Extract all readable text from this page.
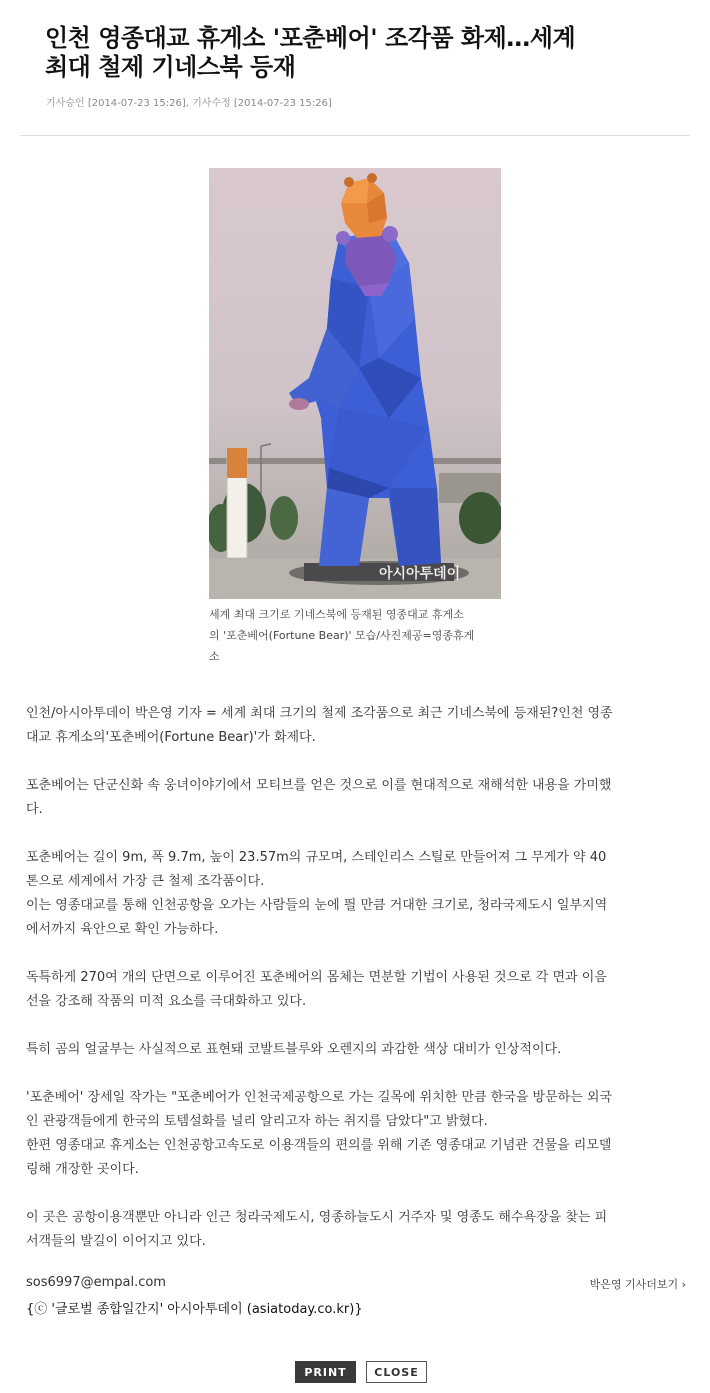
인천 영종대교 휴게소 '포춘베어' 조각품 화제…세계
최대 철제 기네스북 등재
기사승인 [2014-07-23 15:26], 기사수정 [2014-07-23 15:26]
아시아투데이
세계 최대 크기로 기네스북에 등재된 영종대교 휴게소
의 '포춘베어(Fortune Bear)' 모습/사진제공=영종휴게
소
인천/아시아투데이 박은영 기자 = 세계 최대 크기의 철제 조각품으로 최근 기네스북에 등재된?인천 영종
대교 휴게소의'포춘베어(Fortune Bear)'가 화제다.
포춘베어는 단군신화 속 웅녀이야기에서 모티브를 얻은 것으로 이를 현대적으로 재해석한 내용을 가미했
다.
포춘베어는 길이 9m, 폭 9.7m, 높이 23.57m의 규모며, 스테인리스 스틸로 만들어져 그 무게가 약 40
톤으로 세계에서 가장 큰 철제 조각품이다.
이는 영종대교를 통해 인천공항을 오가는 사람들의 눈에 띌 만큼 거대한 크기로, 청라국제도시 일부지역
에서까지 육안으로 확인 가능하다.
독특하게 270여 개의 단면으로 이루어진 포춘베어의 몸체는 면분할 기법이 사용된 것으로 각 면과 이음
선을 강조해 작품의 미적 요소를 극대화하고 있다.
특히 곰의 얼굴부는 사실적으로 표현돼 코발트블루와 오렌지의 과감한 색상 대비가 인상적이다.
'포춘베어' 장세일 작가는 "포춘베어가 인천국제공항으로 가는 길목에 위치한 만큼 한국을 방문하는 외국
인 관광객들에게 한국의 토템설화를 널리 알리고자 하는 취지를 담았다"고 밝혔다.
한편 영종대교 휴게소는 인천공항고속도로 이용객들의 편의를 위해 기존 영종대교 기념관 건물을 리모델
링해 개장한 곳이다.
이 곳은 공항이용객뿐만 아니라 인근 청라국제도시, 영종하늘도시 거주자 및 영종도 해수욕장을 찾는 피
서객들의 발길이 이어지고 있다.
sos6997@empal.com	박은영 기사더보기 ›
{ⓒ '글로벌 종합일간지' 아시아투데이 (asiatoday.co.kr)}
PRINT	CLOSE
